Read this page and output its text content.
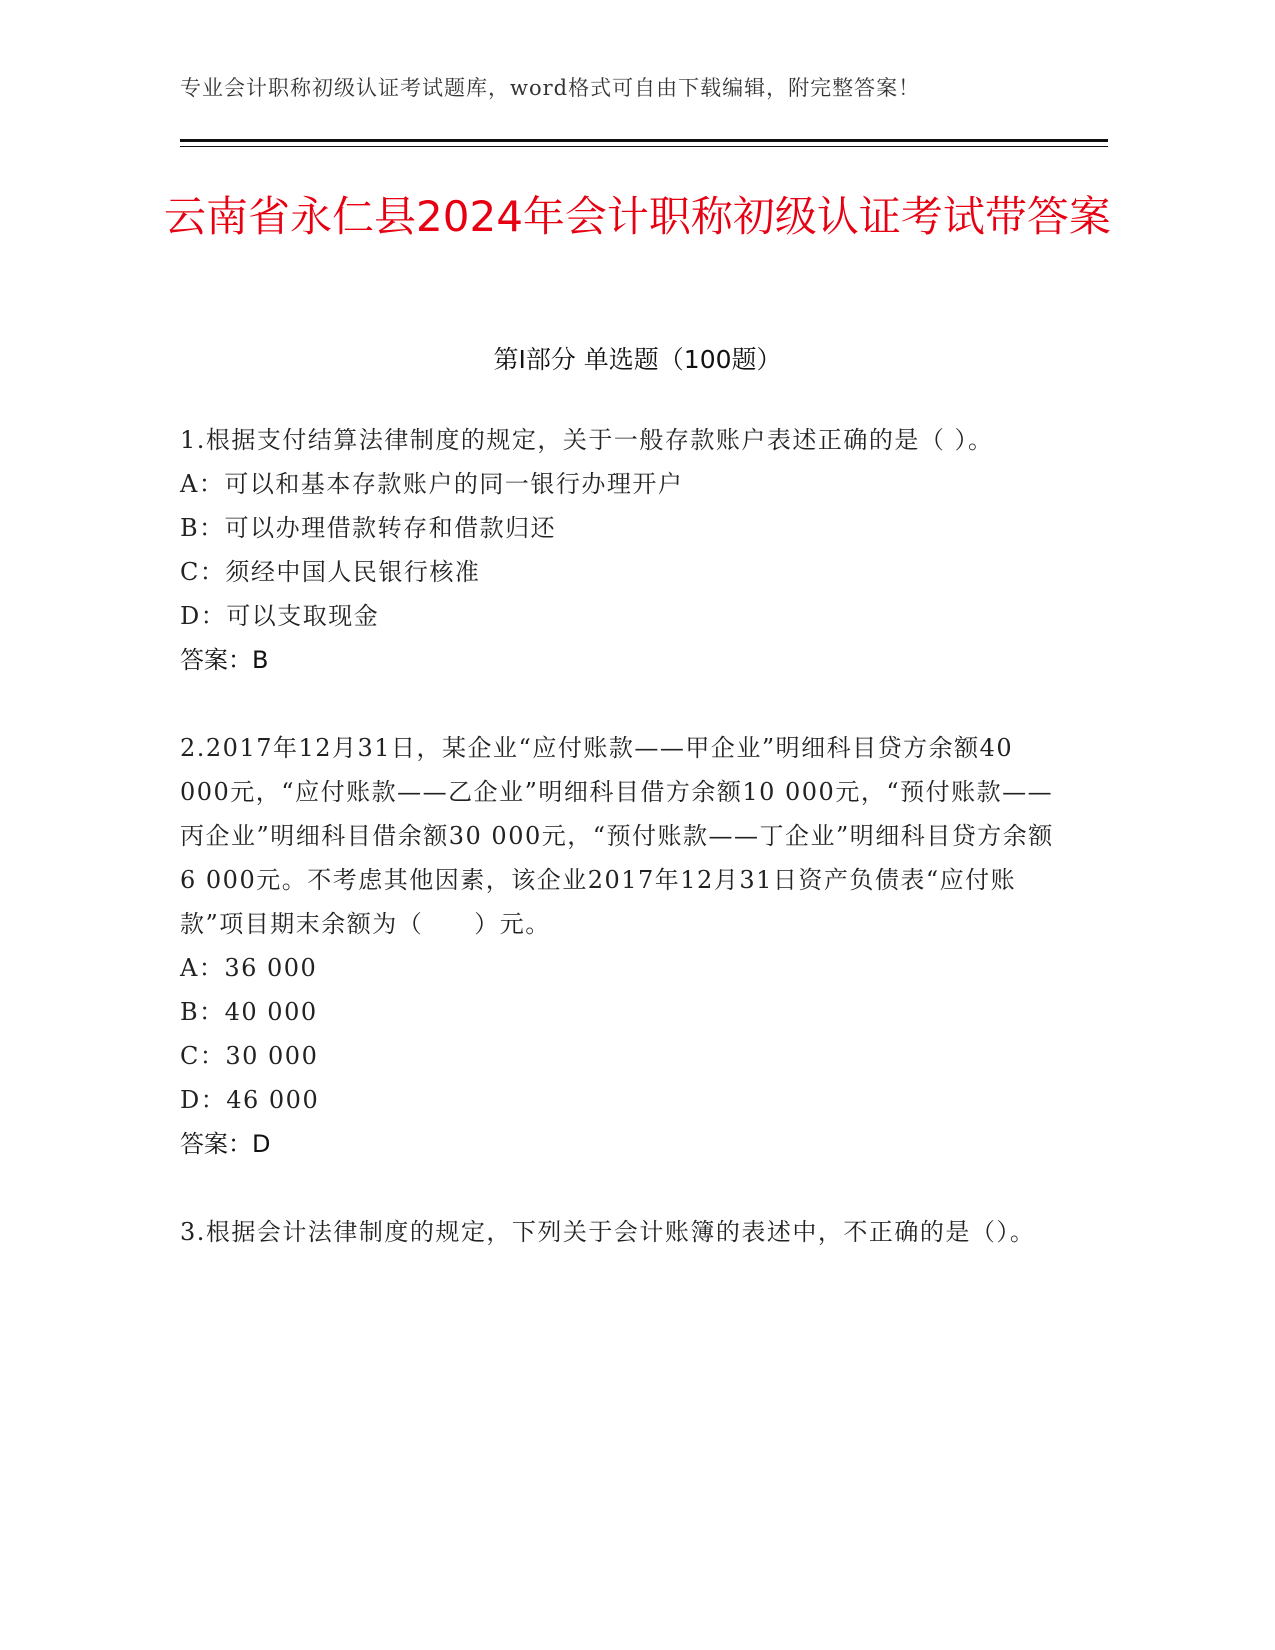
专业会计职称初级认证考试题库，word格式可自由下载编辑，附完整答案！
云南省永仁县2024年会计职称初级认证考试带答案
第Ⅰ部分 单选题（100题）

1.根据支付结算法律制度的规定，关于一般存款账户表述正确的是（ ）。

A：可以和基本存款账户的同一银行办理开户

B：可以办理借款转存和借款归还

C：须经中国人民银行核准

D：可以支取现金

答案：B

2.2017年12月31日，某企业“应付账款——甲企业”明细科目贷方余额40 000元，“应付账款——乙企业”明细科目借方余额10 000元，“预付账款——丙企业”明细科目借余额30 000元，“预付账款——丁企业”明细科目贷方余额6 000元。不考虑其他因素，该企业2017年12月31日资产负债表“应付账款”项目期末余额为（　　）元。

A：36 000

B：40 000

C：30 000

D：46 000

答案：D

3.根据会计法律制度的规定，下列关于会计账簿的表述中，不正确的是（）。
